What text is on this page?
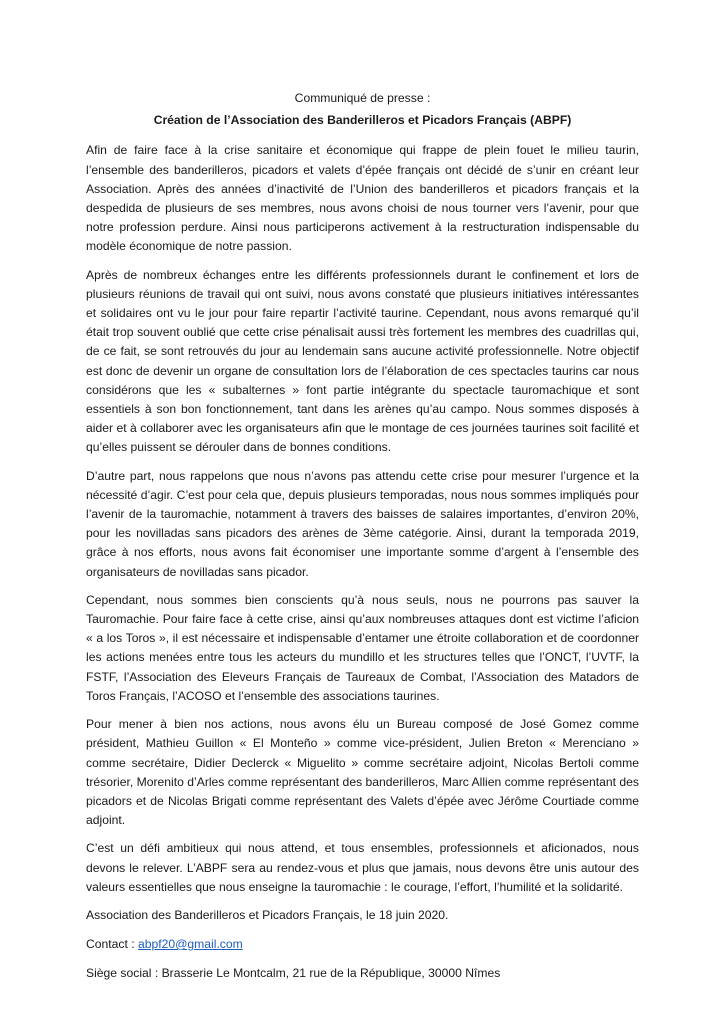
Communiqué de presse :

Création de l’Association des Banderilleros et Picadors Français (ABPF)

Afin de faire face à la crise sanitaire et économique qui frappe de plein fouet le milieu taurin, l’ensemble des banderilleros, picadors et valets d’épée français ont décidé de s’unir en créant leur Association. Après des années d’inactivité de l’Union des banderilleros et picadors français et la despedida de plusieurs de ses membres, nous avons choisi de nous tourner vers l’avenir, pour que notre profession perdure. Ainsi nous participerons activement à la restructuration indispensable du modèle économique de notre passion.

Après de nombreux échanges entre les différents professionnels durant le confinement et lors de plusieurs réunions de travail qui ont suivi, nous avons constaté que plusieurs initiatives intéressantes et solidaires ont vu le jour pour faire repartir l’activité taurine. Cependant, nous avons remarqué qu’il était trop souvent oublié que cette crise pénalisait aussi très fortement les membres des cuadrillas qui, de ce fait, se sont retrouvés du jour au lendemain sans aucune activité professionnelle. Notre objectif est donc de devenir un organe de consultation lors de l’élaboration de ces spectacles taurins car nous considérons que les « subalternes » font partie intégrante du spectacle tauromachique et sont essentiels à son bon fonctionnement, tant dans les arènes qu’au campo. Nous sommes disposés à aider et à collaborer avec les organisateurs afin que le montage de ces journées taurines soit facilité et qu’elles puissent se dérouler dans de bonnes conditions.

D’autre part, nous rappelons que nous n’avons pas attendu cette crise pour mesurer l’urgence et la nécessité d’agir. C’est pour cela que, depuis plusieurs temporadas, nous nous sommes impliqués pour l’avenir de la tauromachie, notamment à travers des baisses de salaires importantes, d’environ 20%, pour les novilladas sans picadors des arènes de 3ème catégorie. Ainsi, durant la temporada 2019, grâce à nos efforts, nous avons fait économiser une importante somme d’argent à l’ensemble des organisateurs de novilladas sans picador.

Cependant, nous sommes bien conscients qu’à nous seuls, nous ne pourrons pas sauver la Tauromachie. Pour faire face à cette crise, ainsi qu’aux nombreuses attaques dont est victime l’aficion « a los Toros », il est nécessaire et indispensable d’entamer une étroite collaboration et de coordonner les actions menées entre tous les acteurs du mundillo et les structures telles que l’ONCT, l’UVTF, la FSTF, l’Association des Eleveurs Français de Taureaux de Combat, l’Association des Matadors de Toros Français, l’ACOSO et l’ensemble des associations taurines.

Pour mener à bien nos actions, nous avons élu un Bureau composé de José Gomez comme président, Mathieu Guillon « El Monteño » comme vice-président, Julien Breton « Merenciano » comme secrétaire, Didier Declerck « Miguelito » comme secrétaire adjoint, Nicolas Bertoli comme trésorier, Morenito d’Arles comme représentant des banderilleros, Marc Allien comme représentant des picadors et de Nicolas Brigati comme représentant des Valets d’épée avec Jérôme Courtiade comme adjoint.

C’est un défi ambitieux qui nous attend, et tous ensembles, professionnels et aficionados, nous devons le relever. L’ABPF sera au rendez-vous et plus que jamais, nous devons être unis autour des valeurs essentielles que nous enseigne la tauromachie : le courage, l’effort, l’humilité et la solidarité.

Association des Banderilleros et Picadors Français, le 18 juin 2020.

Contact : abpf20@gmail.com

Siège social : Brasserie Le Montcalm, 21 rue de la République, 30000 Nîmes
